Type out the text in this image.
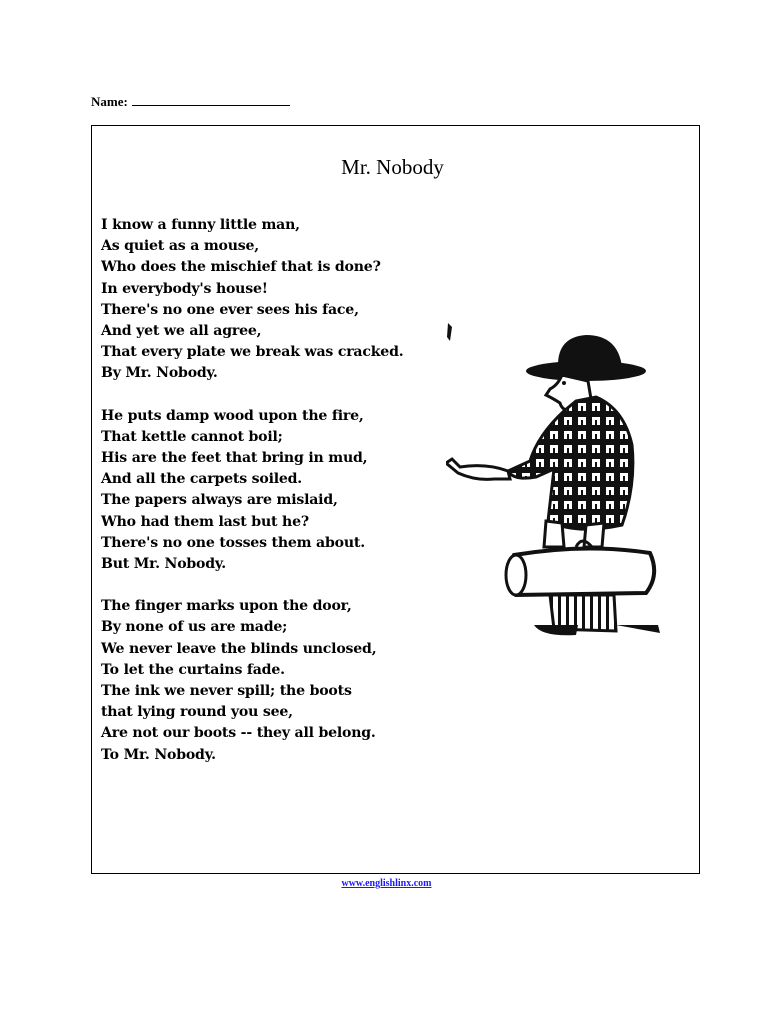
Name:
Mr. Nobody
I know a funny little man,
As quiet as a mouse,
Who does the mischief that is done?
In everybody's house!
There's no one ever sees his face,
And yet we all agree,
That every plate we break was cracked.
By Mr. Nobody.
He puts damp wood upon the fire,
That kettle cannot boil;
His are the feet that bring in mud,
And all the carpets soiled.
The papers always are mislaid,
Who had them last but he?
There's no one tosses them about.
But Mr. Nobody.
The finger marks upon the door,
By none of us are made;
We never leave the blinds unclosed,
To let the curtains fade.
The ink we never spill; the boots
that lying round you see,
Are not our boots -- they all belong.
To Mr. Nobody.
www.englishlinx.com
